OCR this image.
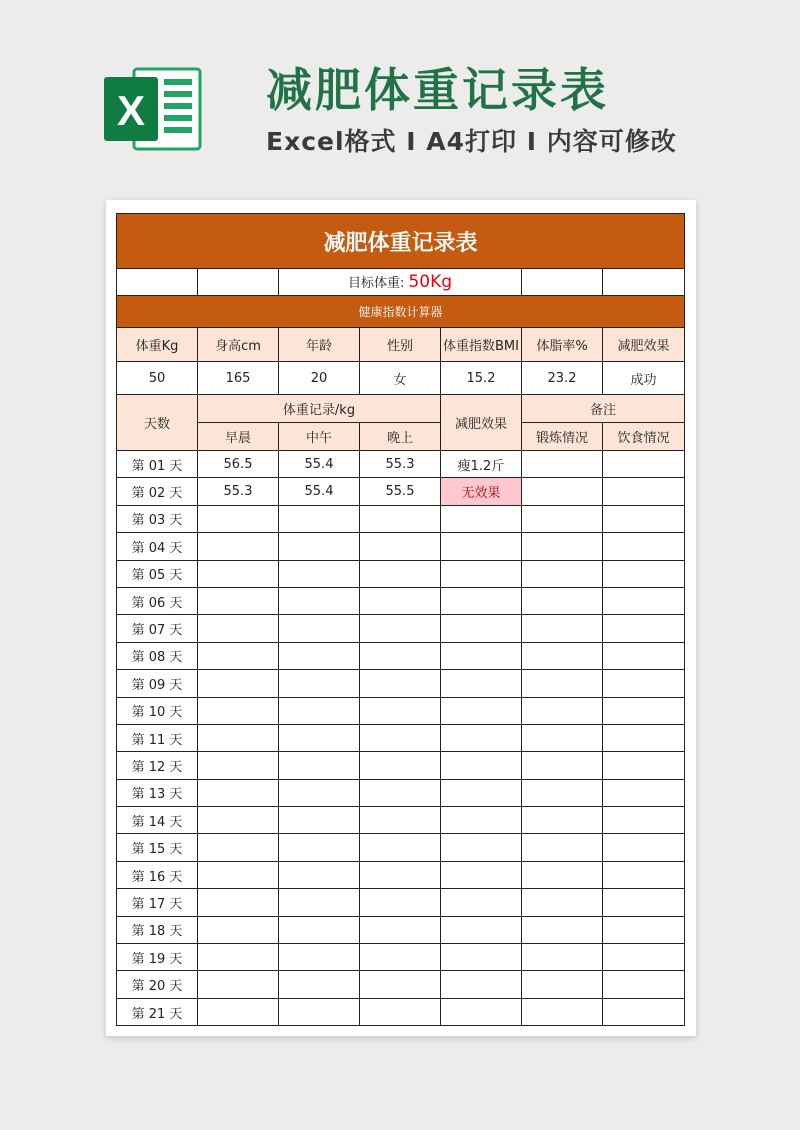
X	减肥体重记录表
Excel格式 I A4打印 I 内容可修改
减肥体重记录表						
		目标体重: 50Kg				
健康指数计算器						
体重Kg	身高cm	年龄	性别	体重指数BMI	体脂率%	减肥效果
50	165	20	女	15.2	23.2	成功
天数	体重记录/kg			减肥效果	备注	
	早晨	中午	晚上		锻炼情况	饮食情况
第 01 天	56.5	55.4	55.3	瘦1.2斤		
第 02 天	55.3	55.4	55.5	无效果		
第 03 天						
第 04 天						
第 05 天						
第 06 天						
第 07 天						
第 08 天						
第 09 天						
第 10 天						
第 11 天						
第 12 天						
第 13 天						
第 14 天						
第 15 天						
第 16 天						
第 17 天						
第 18 天						
第 19 天						
第 20 天						
第 21 天						
